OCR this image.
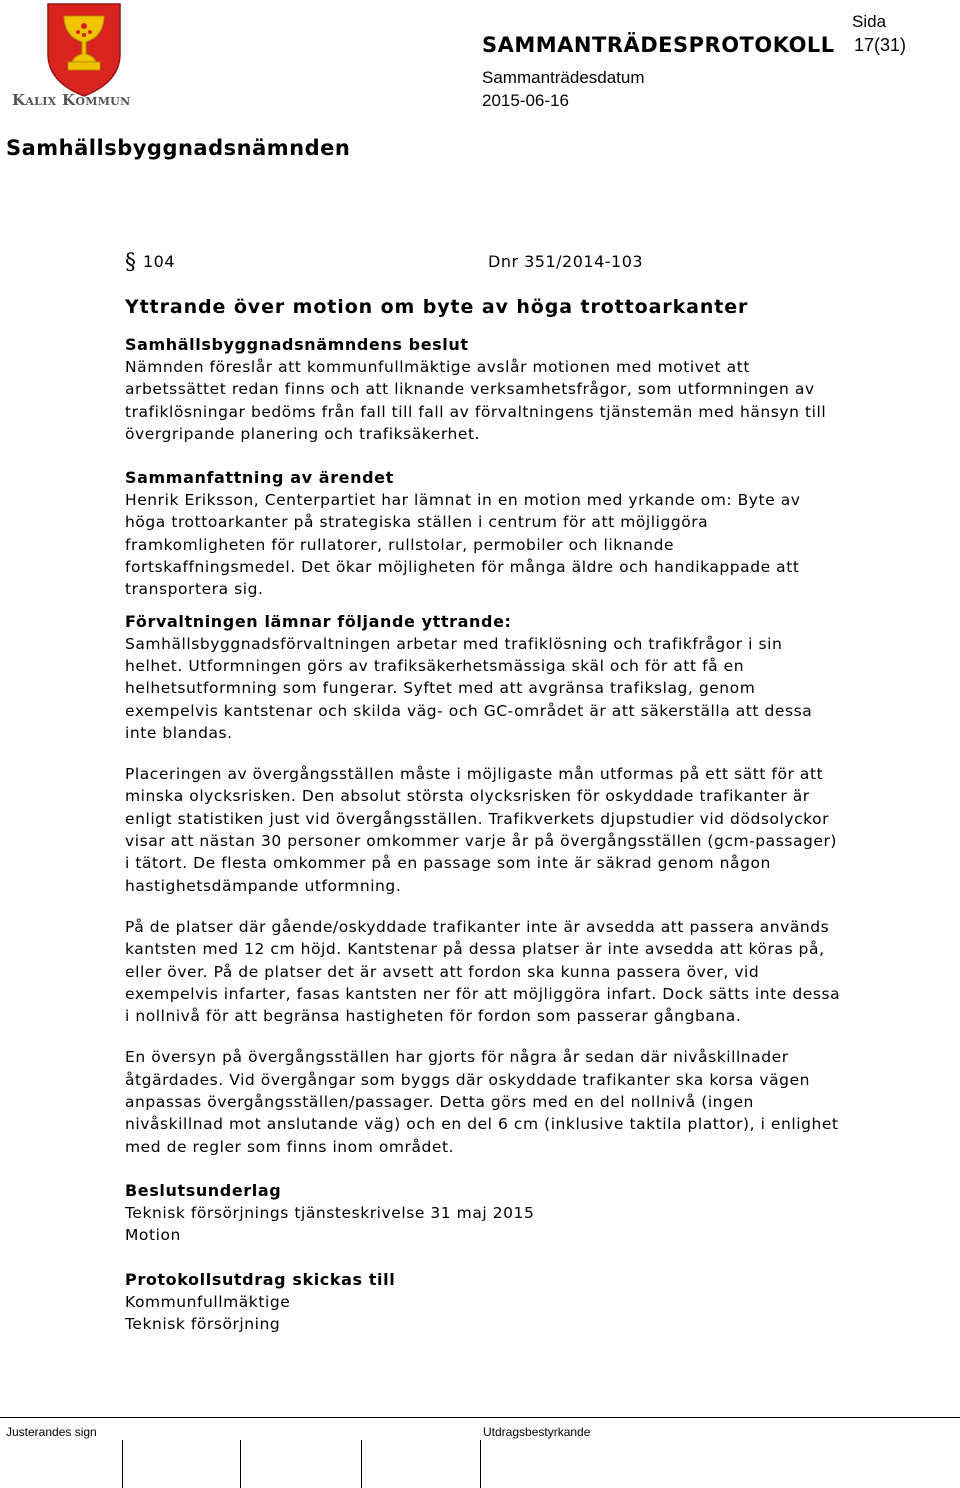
Kalix Kommun
SAMMANTRÄDESPROTOKOLL
Sida
17(31)
Sammanträdesdatum
2015-06-16
Samhällsbyggnadsnämnden
§ 104	Dnr 351/2014-103
Yttrande över motion om byte av höga trottoarkanter
Samhällsbyggnadsnämndens beslut

Nämnden föreslår att kommunfullmäktige avslår motionen med motivet att arbetssättet redan finns och att liknande verksamhetsfrågor, som utformningen av trafiklösningar bedöms från fall till fall av förvaltningens tjänstemän med hänsyn till övergripande planering och trafiksäkerhet.

Sammanfattning av ärendet

Henrik Eriksson, Centerpartiet har lämnat in en motion med yrkande om: Byte av höga trottoarkanter på strategiska ställen i centrum för att möjliggöra framkomligheten för rullatorer, rullstolar, permobiler och liknande fortskaffningsmedel. Det ökar möjligheten för många äldre och handikappade att transportera sig.

Förvaltningen lämnar följande yttrande:

Samhällsbyggnadsförvaltningen arbetar med trafiklösning och trafikfrågor i sin helhet. Utformningen görs av trafiksäkerhetsmässiga skäl och för att få en helhetsutformning som fungerar. Syftet med att avgränsa trafikslag, genom exempelvis kantstenar och skilda väg- och GC-området är att säkerställa att dessa inte blandas.

Placeringen av övergångsställen måste i möjligaste mån utformas på ett sätt för att minska olycksrisken. Den absolut största olycksrisken för oskyddade trafikanter är enligt statistiken just vid övergångsställen. Trafikverkets djupstudier vid dödsolyckor visar att nästan 30 personer omkommer varje år på övergångsställen (gcm-passager) i tätort. De flesta omkommer på en passage som inte är säkrad genom någon hastighetsdämpande utformning.

På de platser där gående/oskyddade trafikanter inte är avsedda att passera används kantsten med 12 cm höjd. Kantstenar på dessa platser är inte avsedda att köras på, eller över. På de platser det är avsett att fordon ska kunna passera över, vid exempelvis infarter, fasas kantsten ner för att möjliggöra infart. Dock sätts inte dessa i nollnivå för att begränsa hastigheten för fordon som passerar gångbana.

En översyn på övergångsställen har gjorts för några år sedan där nivåskillnader åtgärdades. Vid övergångar som byggs där oskyddade trafikanter ska korsa vägen anpassas övergångsställen/passager. Detta görs med en del nollnivå (ingen nivåskillnad mot anslutande väg) och en del 6 cm (inklusive taktila plattor), i enlighet med de regler som finns inom området.

Beslutsunderlag

Teknisk försörjnings tjänsteskrivelse 31 maj 2015

Motion

Protokollsutdrag skickas till

Kommunfullmäktige

Teknisk försörjning

Justerandes sign	Utdragsbestyrkande
